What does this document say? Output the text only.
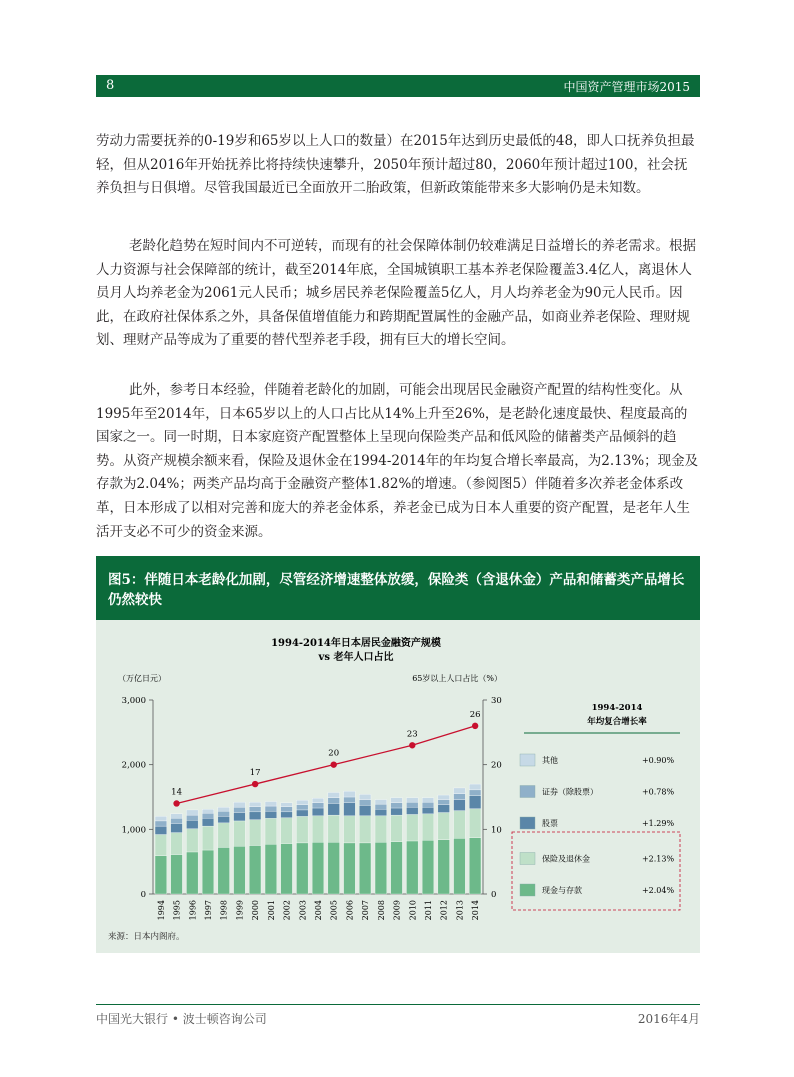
8	中国资产管理市场2015

劳动力需要抚养的0-19岁和65岁以上人口的数量）在2015年达到历史最低的48，即人口抚养负担最轻，但从2016年开始抚养比将持续快速攀升，2050年预计超过80，2060年预计超过100，社会抚养负担与日俱增。尽管我国最近已全面放开二胎政策，但新政策能带来多大影响仍是未知数。

老龄化趋势在短时间内不可逆转，而现有的社会保障体制仍较难满足日益增长的养老需求。根据人力资源与社会保障部的统计，截至2014年底，全国城镇职工基本养老保险覆盖3.4亿人，离退休人员月人均养老金为2061元人民币；城乡居民养老保险覆盖5亿人，月人均养老金为90元人民币。因此，在政府社保体系之外，具备保值增值能力和跨期配置属性的金融产品，如商业养老保险、理财规划、理财产品等成为了重要的替代型养老手段，拥有巨大的增长空间。

此外，参考日本经验，伴随着老龄化的加剧，可能会出现居民金融资产配置的结构性变化。从1995年至2014年，日本65岁以上的人口占比从14%上升至26%，是老龄化速度最快、程度最高的国家之一。同一时期，日本家庭资产配置整体上呈现向保险类产品和低风险的储蓄类产品倾斜的趋势。从资产规模余额来看，保险及退休金在1994-2014年的年均复合增长率最高，为2.13%；现金及存款为2.04%；两类产品均高于金融资产整体1.82%的增速。（参阅图5）伴随着多次养老金体系改革，日本形成了以相对完善和庞大的养老金体系，养老金已成为日本人重要的资产配置，是老年人生活开支必不可少的资金来源。

图5：伴随日本老龄化加剧，尽管经济增速整体放缓，保险类（含退休金）产品和储蓄类产品增长仍然较快
1994-2014年日本居民金融资产规模
vs 老年人口占比
（万亿日元）	65岁以上人口占比（%）
0
1,000
2,000
3,000
0
10
20
30
1994 1995 1996 1997 1998 1999 2000 2001 2002 2003 2004 2005 2006 2007 2008 2009 2010 2011 2012 2013 2014
14
17
20
23
26
1994-2014
年均复合增长率
其他	+0.90%
证券（除股票）	+0.78%
股票	+1.29%
保险及退休金	+2.13%
现金与存款	+2.04%
来源：日本内阁府。
中国光大银行 • 波士顿咨询公司	2016年4月
